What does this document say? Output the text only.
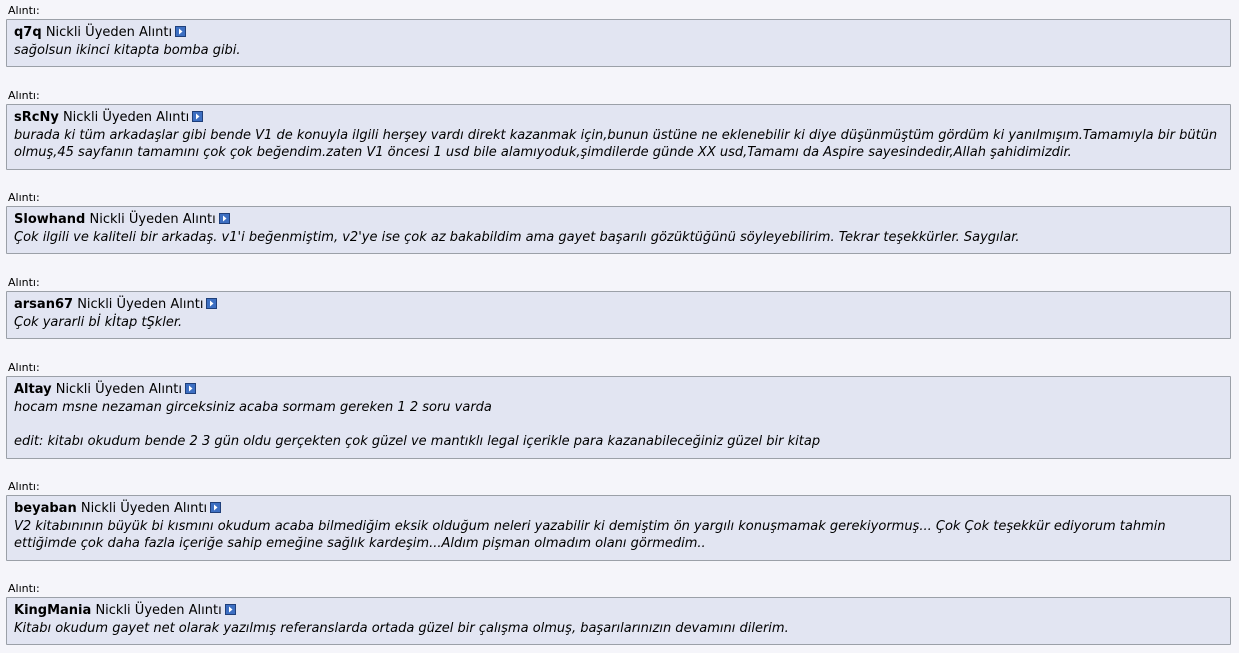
Alıntı:
q7q Nickli Üyeden Alıntı
sağolsun ikinci kitapta bomba gibi.
Alıntı:
sRcNy Nickli Üyeden Alıntı
burada ki tüm arkadaşlar gibi bende V1 de konuyla ilgili herşey vardı direkt kazanmak için,bunun üstüne ne eklenebilir ki diye düşünmüştüm gördüm ki yanılmışım.Tamamıyla bir bütün olmuş,45 sayfanın tamamını çok çok beğendim.zaten V1 öncesi 1 usd bile alamıyoduk,şimdilerde günde XX usd,Tamamı da Aspire sayesindedir,Allah şahidimizdir.
Alıntı:
Slowhand Nickli Üyeden Alıntı
Çok ilgili ve kaliteli bir arkadaş. v1'i beğenmiştim, v2'ye ise çok az bakabildim ama gayet başarılı gözüktüğünü söyleyebilirim. Tekrar teşekkürler. Saygılar.
Alıntı:
arsan67 Nickli Üyeden Alıntı
Çok yararli bİ kİtap tŞkler.
Alıntı:
Altay Nickli Üyeden Alıntı
hocam msne nezaman girceksiniz acaba sormam gereken 1 2 soru varda

edit: kitabı okudum bende 2 3 gün oldu gerçekten çok güzel ve mantıklı legal içerikle para kazanabileceğiniz güzel bir kitap
Alıntı:
beyaban Nickli Üyeden Alıntı
V2 kitabınının büyük bi kısmını okudum acaba bilmediğim eksik olduğum neleri yazabilir ki demiştim ön yargılı konuşmamak gerekiyormuş... Çok Çok teşekkür ediyorum tahmin ettiğimde çok daha fazla içeriğe sahip emeğine sağlık kardeşim...Aldım pişman olmadım olanı görmedim..
Alıntı:
KingMania Nickli Üyeden Alıntı
Kitabı okudum gayet net olarak yazılmış referanslarda ortada güzel bir çalışma olmuş, başarılarınızın devamını dilerim.
